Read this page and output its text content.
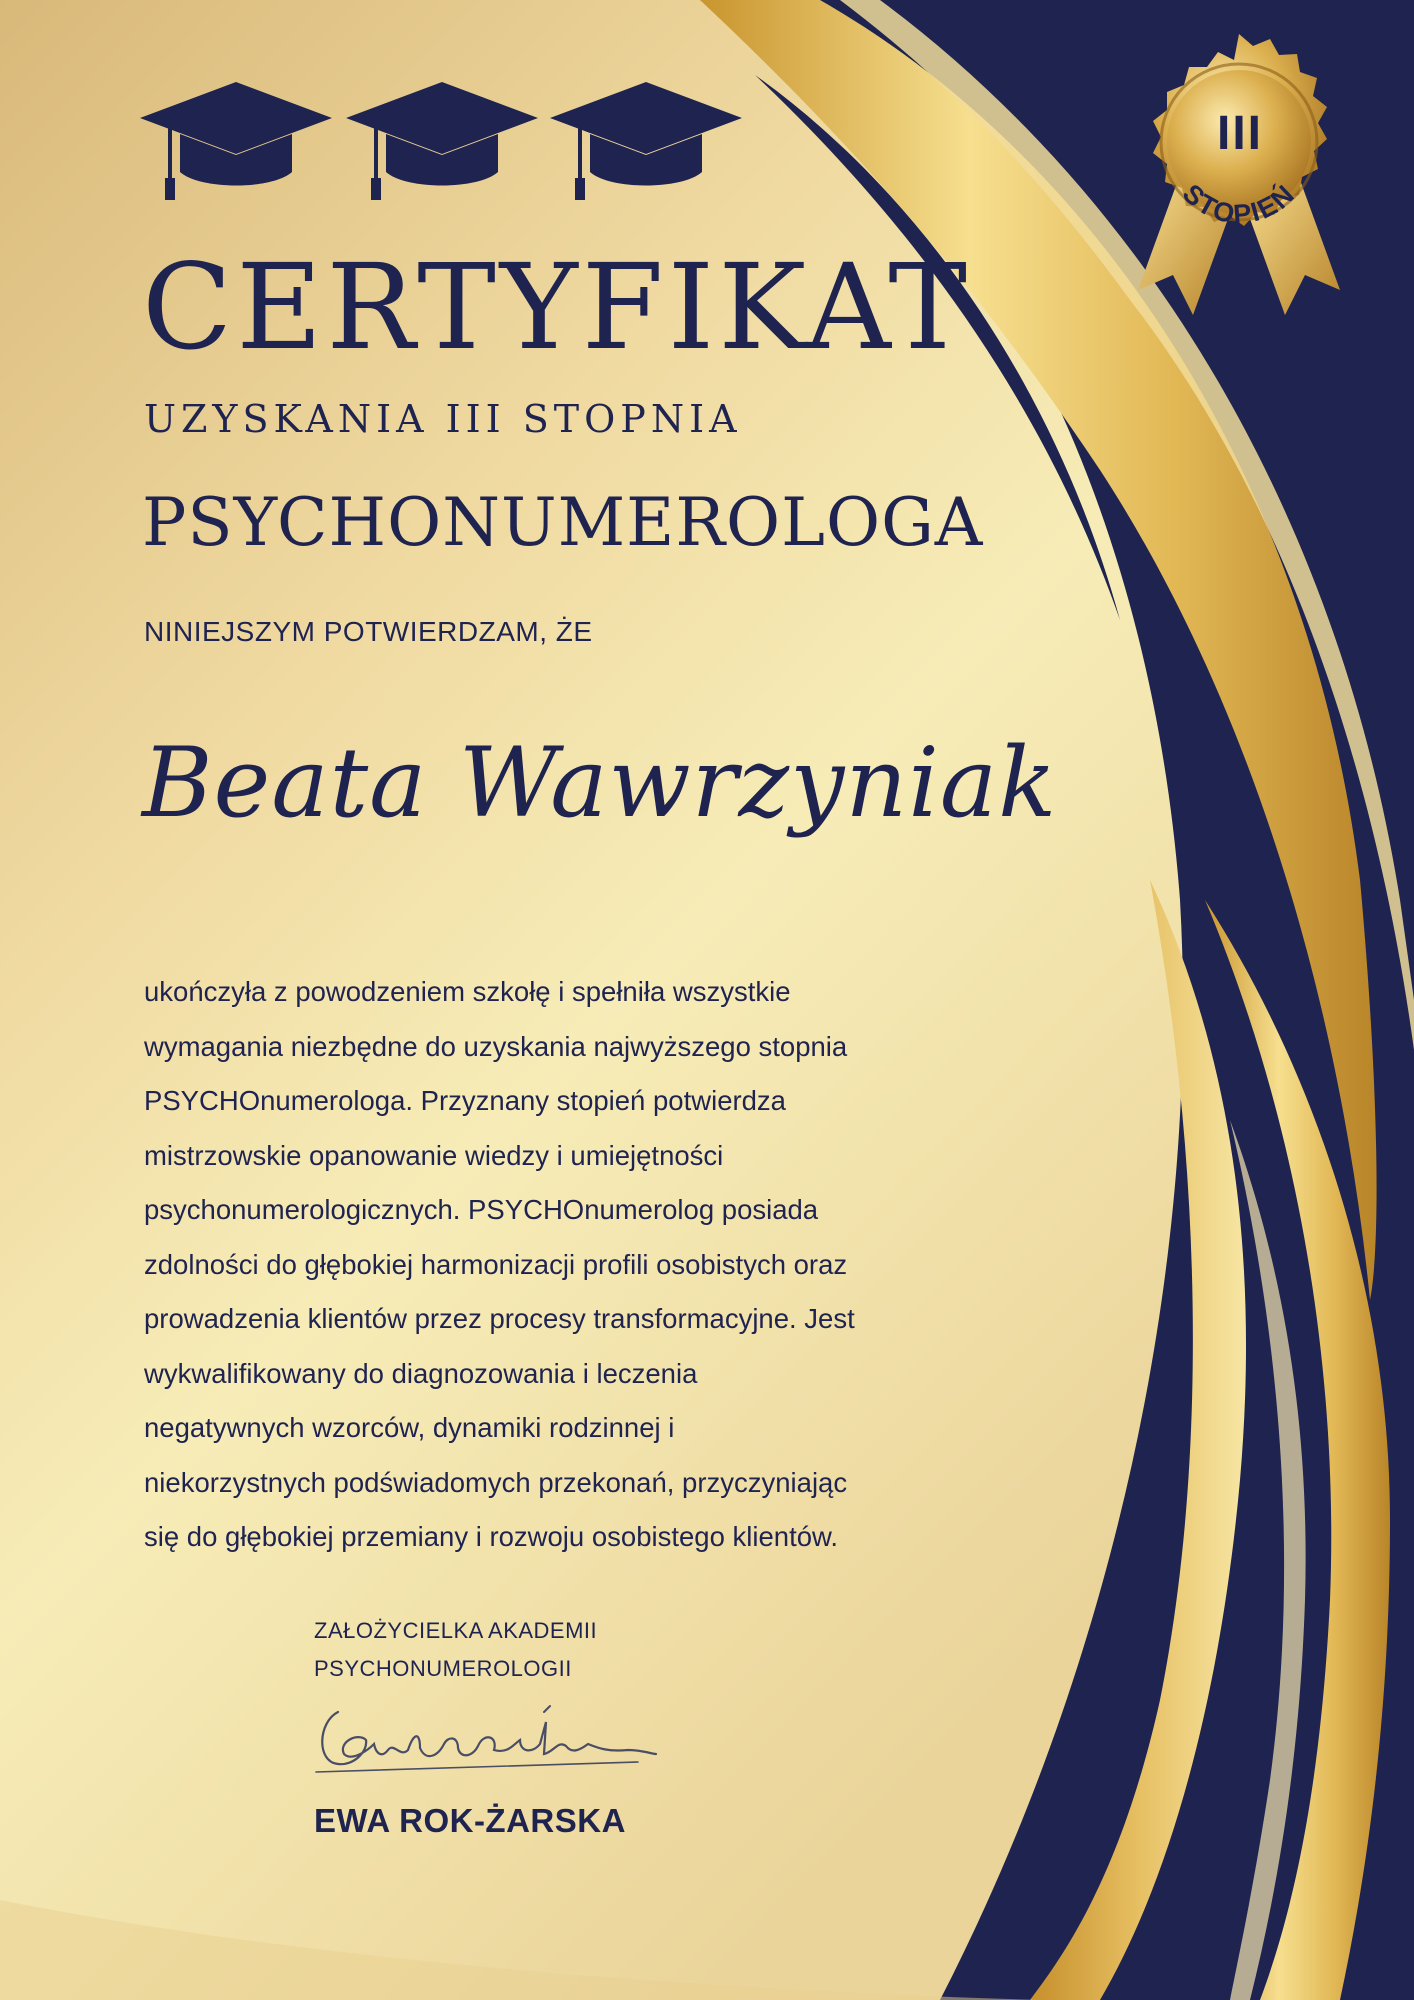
III
STOPIEŃ
CERTYFIKAT
UZYSKANIA III STOPNIA
PSYCHONUMEROLOGA
NINIEJSZYM POTWIERDZAM, ŻE
Beata Wawrzyniak
ukończyła z powodzeniem szkołę i spełniła wszystkie
wymagania niezbędne do uzyskania najwyższego stopnia
PSYCHOnumerologa. Przyznany stopień potwierdza
mistrzowskie opanowanie wiedzy i umiejętności
psychonumerologicznych. PSYCHOnumerolog posiada
zdolności do głębokiej harmonizacji profili osobistych oraz
prowadzenia klientów przez procesy transformacyjne. Jest
wykwalifikowany do diagnozowania i leczenia
negatywnych wzorców, dynamiki rodzinnej i
niekorzystnych podświadomych przekonań, przyczyniając
się do głębokiej przemiany i rozwoju osobistego klientów.
ZAŁOŻYCIELKA AKADEMII
PSYCHONUMEROLOGII
EWA ROK-ŻARSKA
